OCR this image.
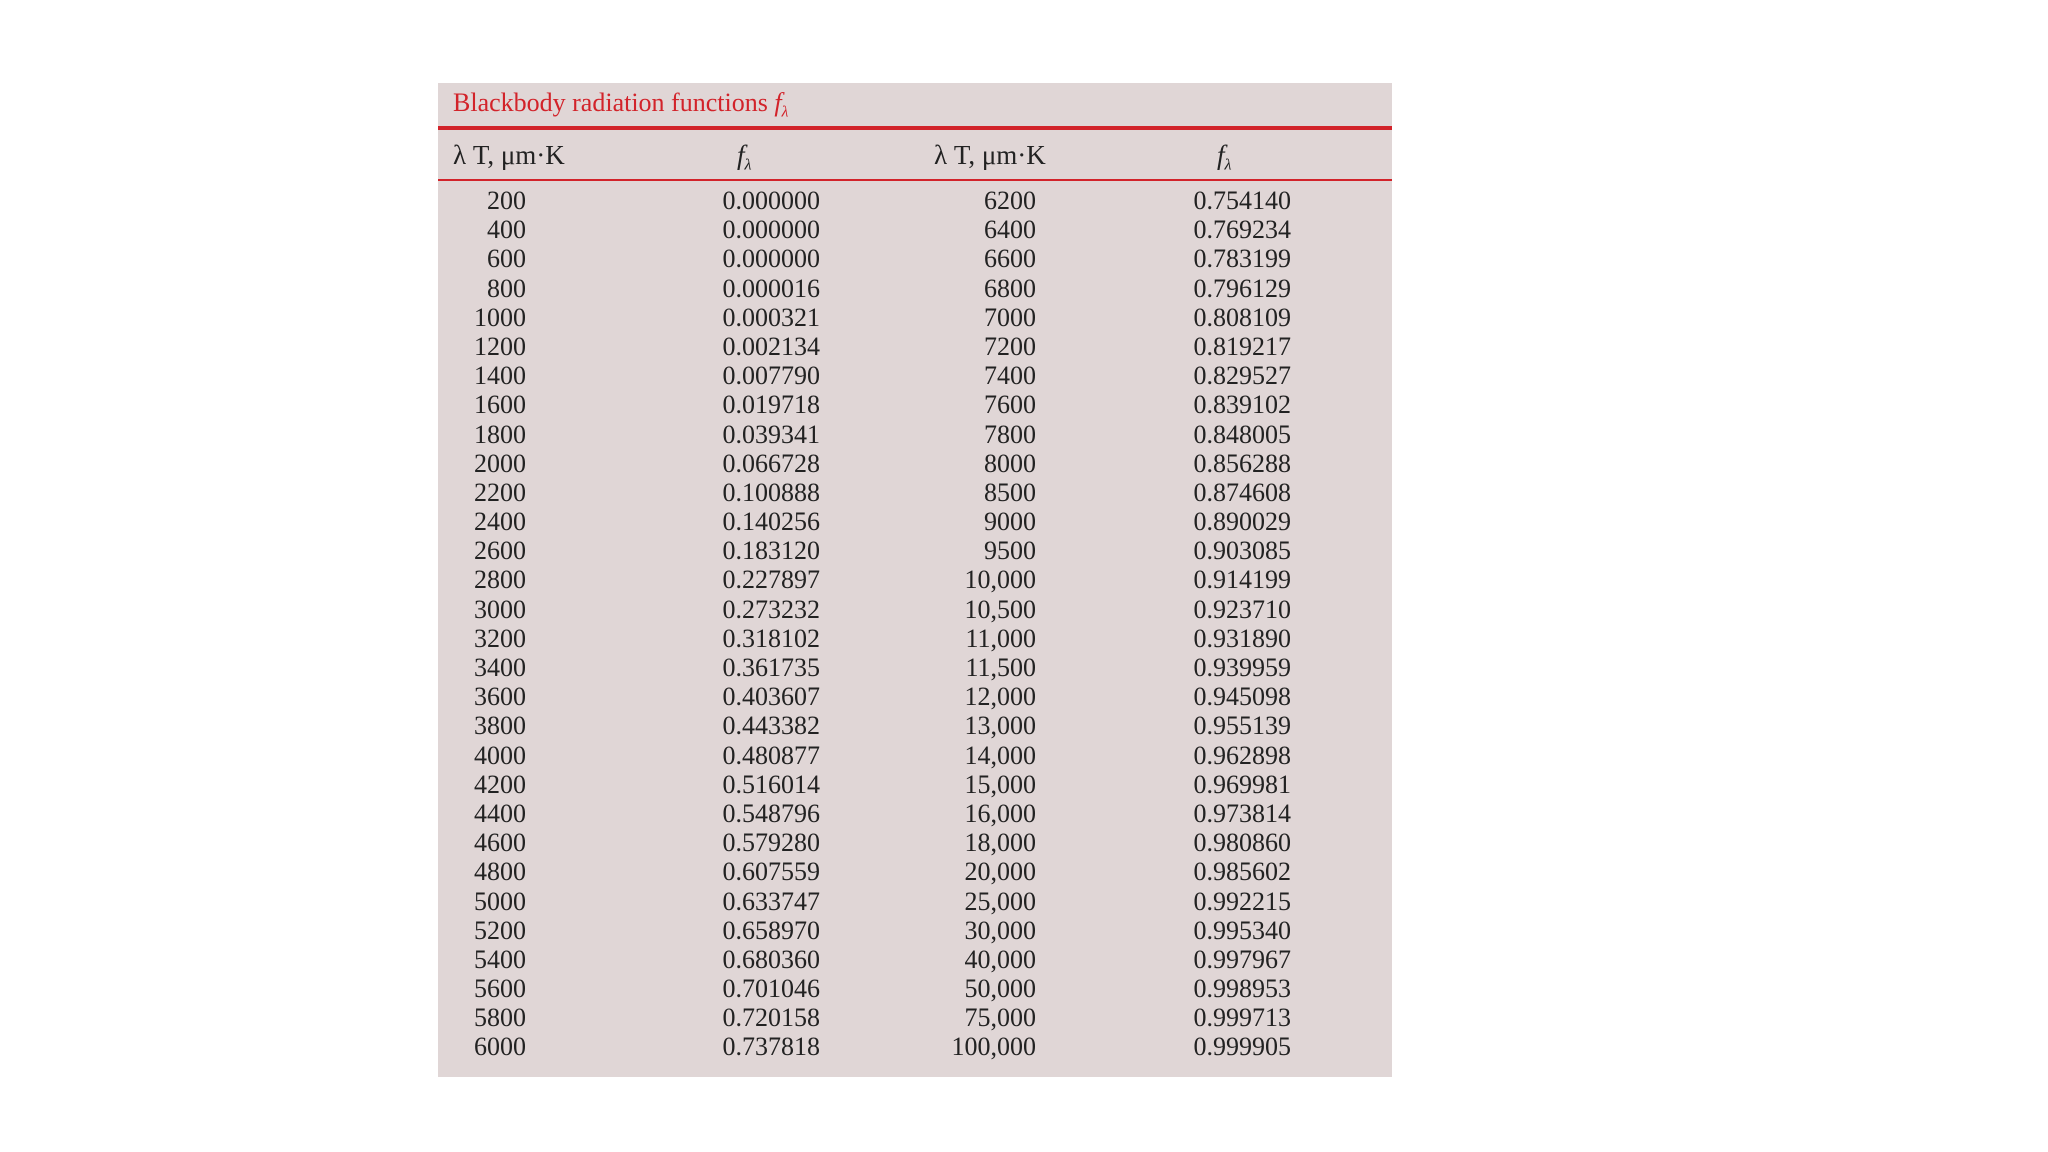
Blackbody radiation functions $f_\lambda$
λ T, μm·K	$f_\lambda$	λ T, μm·K	$f_\lambda$
200	0.000000	6200	0.754140
400	0.000000	6400	0.769234
600	0.000000	6600	0.783199
800	0.000016	6800	0.796129
1000	0.000321	7000	0.808109
1200	0.002134	7200	0.819217
1400	0.007790	7400	0.829527
1600	0.019718	7600	0.839102
1800	0.039341	7800	0.848005
2000	0.066728	8000	0.856288
2200	0.100888	8500	0.874608
2400	0.140256	9000	0.890029
2600	0.183120	9500	0.903085
2800	0.227897	10,000	0.914199
3000	0.273232	10,500	0.923710
3200	0.318102	11,000	0.931890
3400	0.361735	11,500	0.939959
3600	0.403607	12,000	0.945098
3800	0.443382	13,000	0.955139
4000	0.480877	14,000	0.962898
4200	0.516014	15,000	0.969981
4400	0.548796	16,000	0.973814
4600	0.579280	18,000	0.980860
4800	0.607559	20,000	0.985602
5000	0.633747	25,000	0.992215
5200	0.658970	30,000	0.995340
5400	0.680360	40,000	0.997967
5600	0.701046	50,000	0.998953
5800	0.720158	75,000	0.999713
6000	0.737818	100,000	0.999905
